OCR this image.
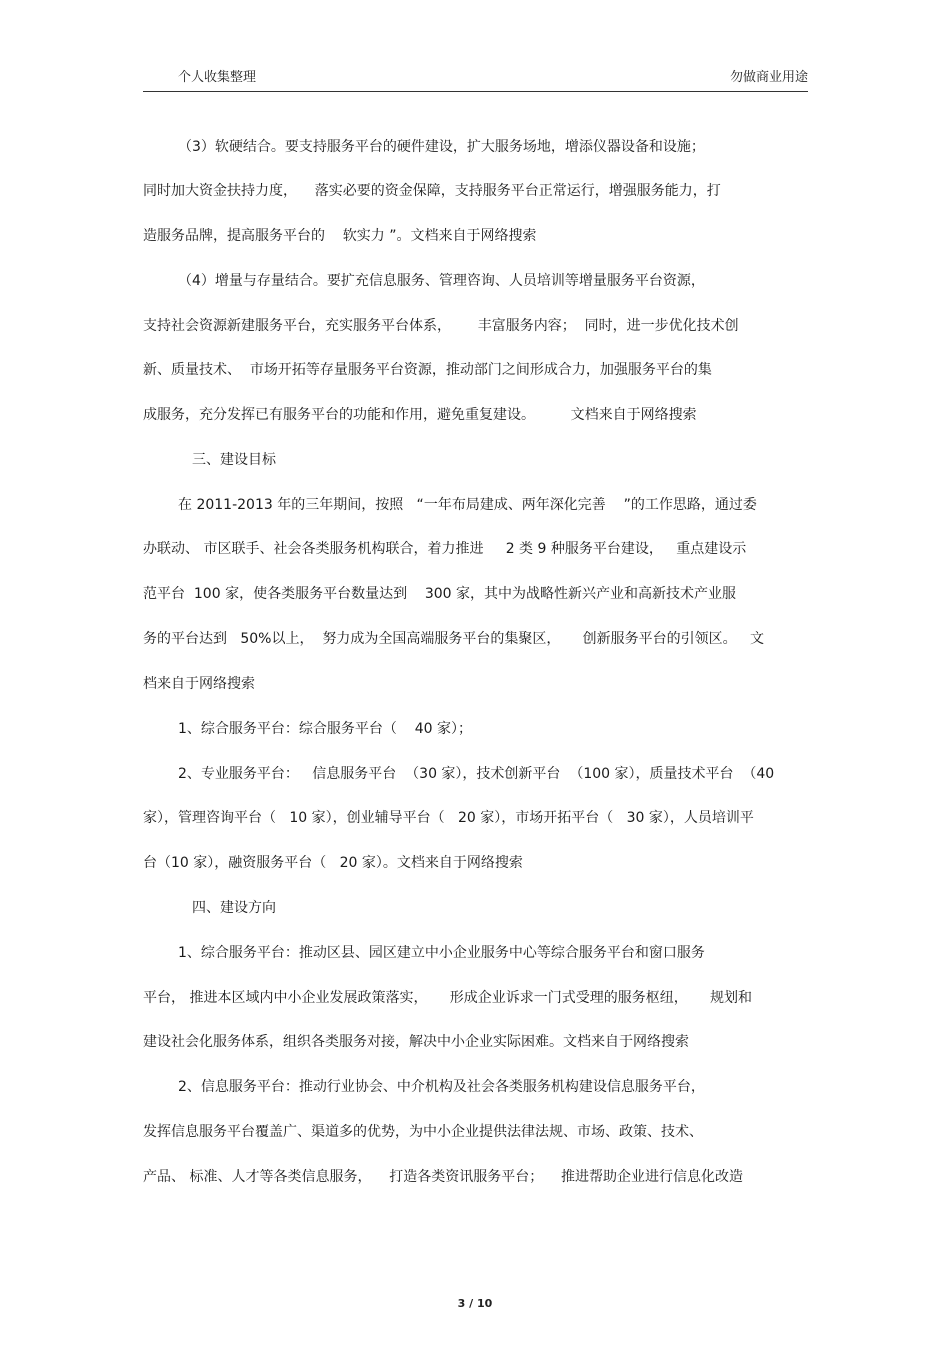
个人收集整理	勿做商业用途
（3）软硬结合。要支持服务平台的硬件建设，扩大服务场地，增添仪器设备和设施；
同时加大资金扶持力度，    落实必要的资金保障，支持服务平台正常运行，增强服务能力，打
造服务品牌，提高服务平台的    软实力 ”。文档来自于网络搜索
（4）增量与存量结合。要扩充信息服务、管理咨询、人员培训等增量服务平台资源，
支持社会资源新建服务平台，充实服务平台体系，      丰富服务内容；  同时，进一步优化技术创
新、质量技术、  市场开拓等存量服务平台资源，推动部门之间形成合力，加强服务平台的集
成服务，充分发挥已有服务平台的功能和作用，避免重复建设。        文档来自于网络搜索
三、建设目标
在 2011-2013 年的三年期间，按照   “一年布局建成、两年深化完善    ”的工作思路，通过委
办联动、 市区联手、社会各类服务机构联合，着力推进     2 类 9 种服务平台建设，   重点建设示
范平台  100 家，使各类服务平台数量达到    300 家，其中为战略性新兴产业和高新技术产业服
务的平台达到   50%以上，  努力成为全国高端服务平台的集聚区，     创新服务平台的引领区。   文
档来自于网络搜索
1、综合服务平台：综合服务平台（    40 家）；
2、专业服务平台：   信息服务平台  （30 家），技术创新平台  （100 家），质量技术平台  （40
家），管理咨询平台（   10 家），创业辅导平台（   20 家），市场开拓平台（   30 家），人员培训平
台（10 家），融资服务平台（   20 家）。文档来自于网络搜索
四、建设方向
1、综合服务平台：推动区县、园区建立中小企业服务中心等综合服务平台和窗口服务
平台， 推进本区域内中小企业发展政策落实，     形成企业诉求一门式受理的服务枢纽，     规划和
建设社会化服务体系，组织各类服务对接，解决中小企业实际困难。文档来自于网络搜索
2、信息服务平台：推动行业协会、中介机构及社会各类服务机构建设信息服务平台，
发挥信息服务平台覆盖广、渠道多的优势，为中小企业提供法律法规、市场、政策、技术、
产品、 标准、人才等各类信息服务，    打造各类资讯服务平台；    推进帮助企业进行信息化改造
3 / 10
